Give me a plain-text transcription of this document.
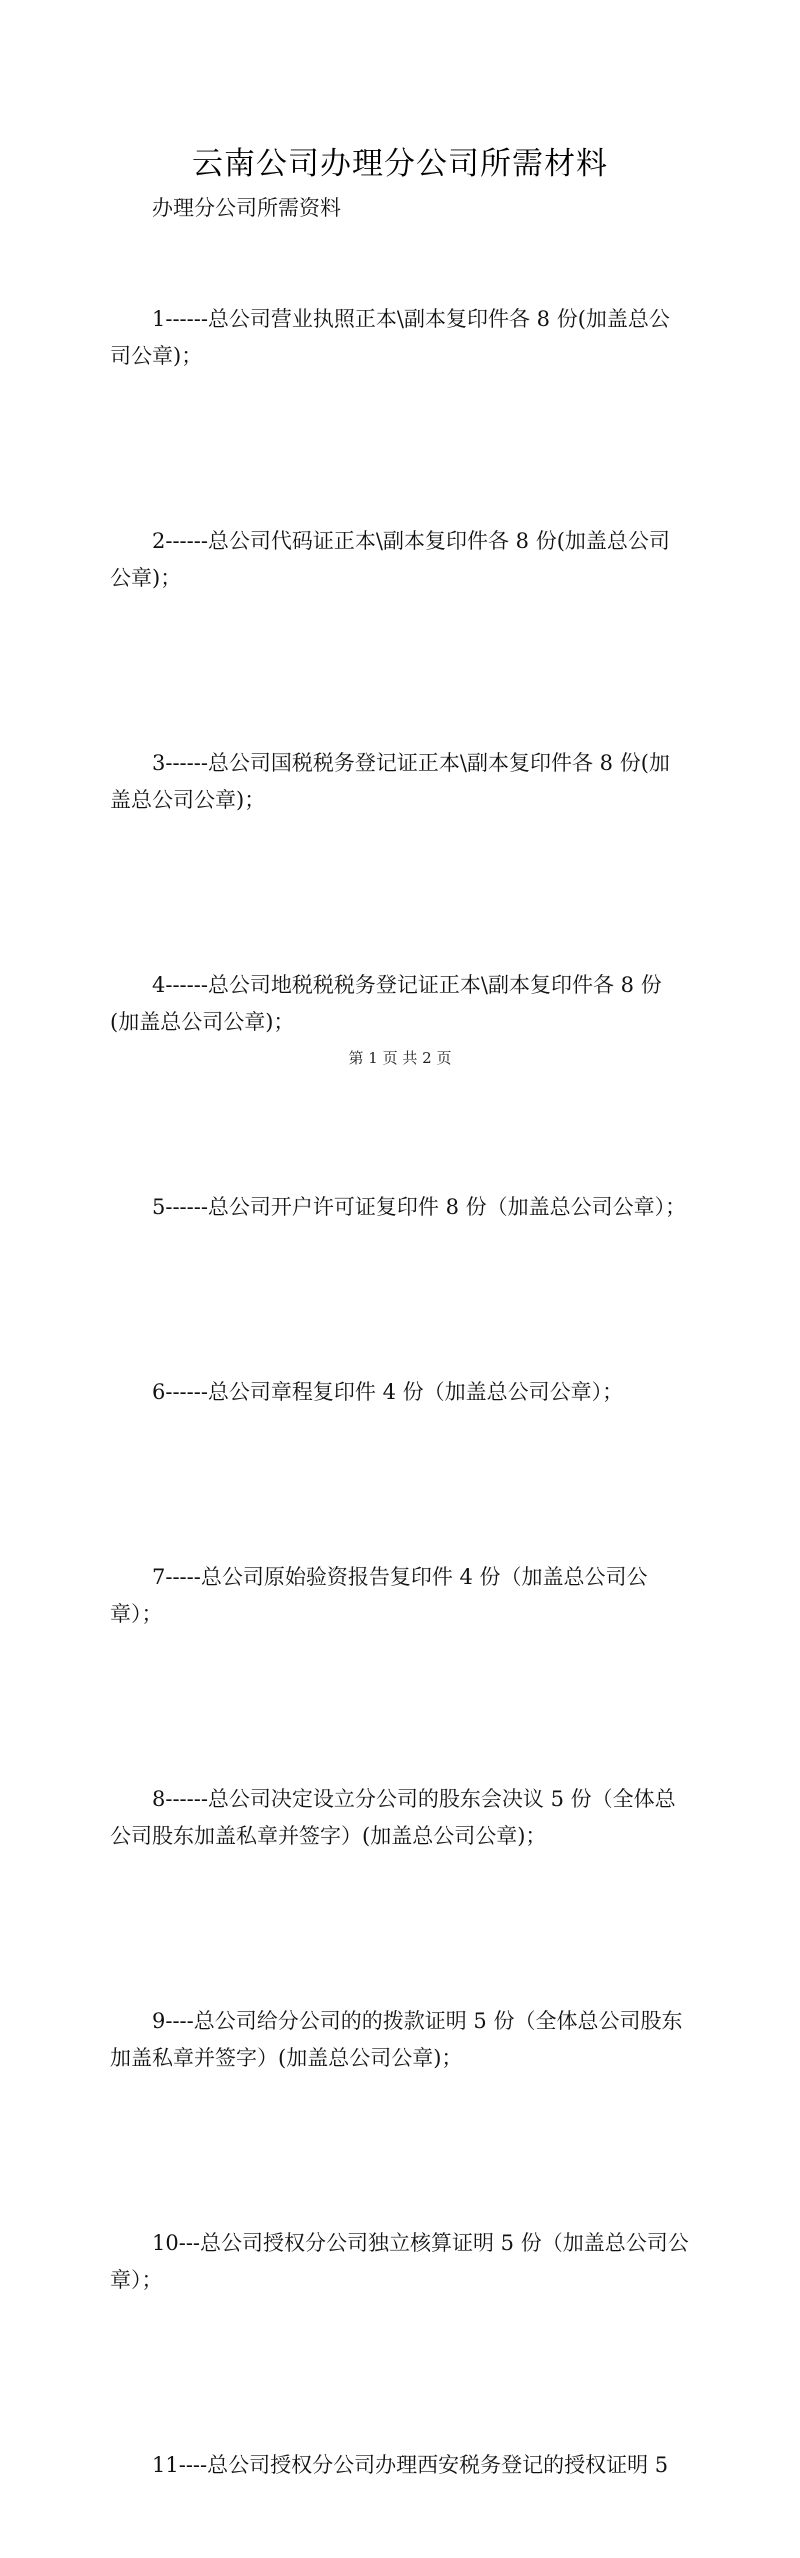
云南公司办理分公司所需材料

办理分公司所需资料

1------总公司营业执照正本\副本复印件各 8 份(加盖总公
司公章)；

2------总公司代码证正本\副本复印件各 8 份(加盖总公司
公章)；

3------总公司国税税务登记证正本\副本复印件各 8 份(加
盖总公司公章)；

4------总公司地税税税务登记证正本\副本复印件各 8 份
(加盖总公司公章)；

5------总公司开户许可证复印件 8 份（加盖总公司公章）；

6------总公司章程复印件 4 份（加盖总公司公章）；

7-----总公司原始验资报告复印件 4 份（加盖总公司公
章）；

8------总公司决定设立分公司的股东会决议 5 份（全体总
公司股东加盖私章并签字）(加盖总公司公章)；

9----总公司给分公司的的拨款证明 5 份（全体总公司股东
加盖私章并签字）(加盖总公司公章)；

10---总公司授权分公司独立核算证明 5 份（加盖总公司公
章）；

11----总公司授权分公司办理西安税务登记的授权证明 5

第 1 页 共 2 页
